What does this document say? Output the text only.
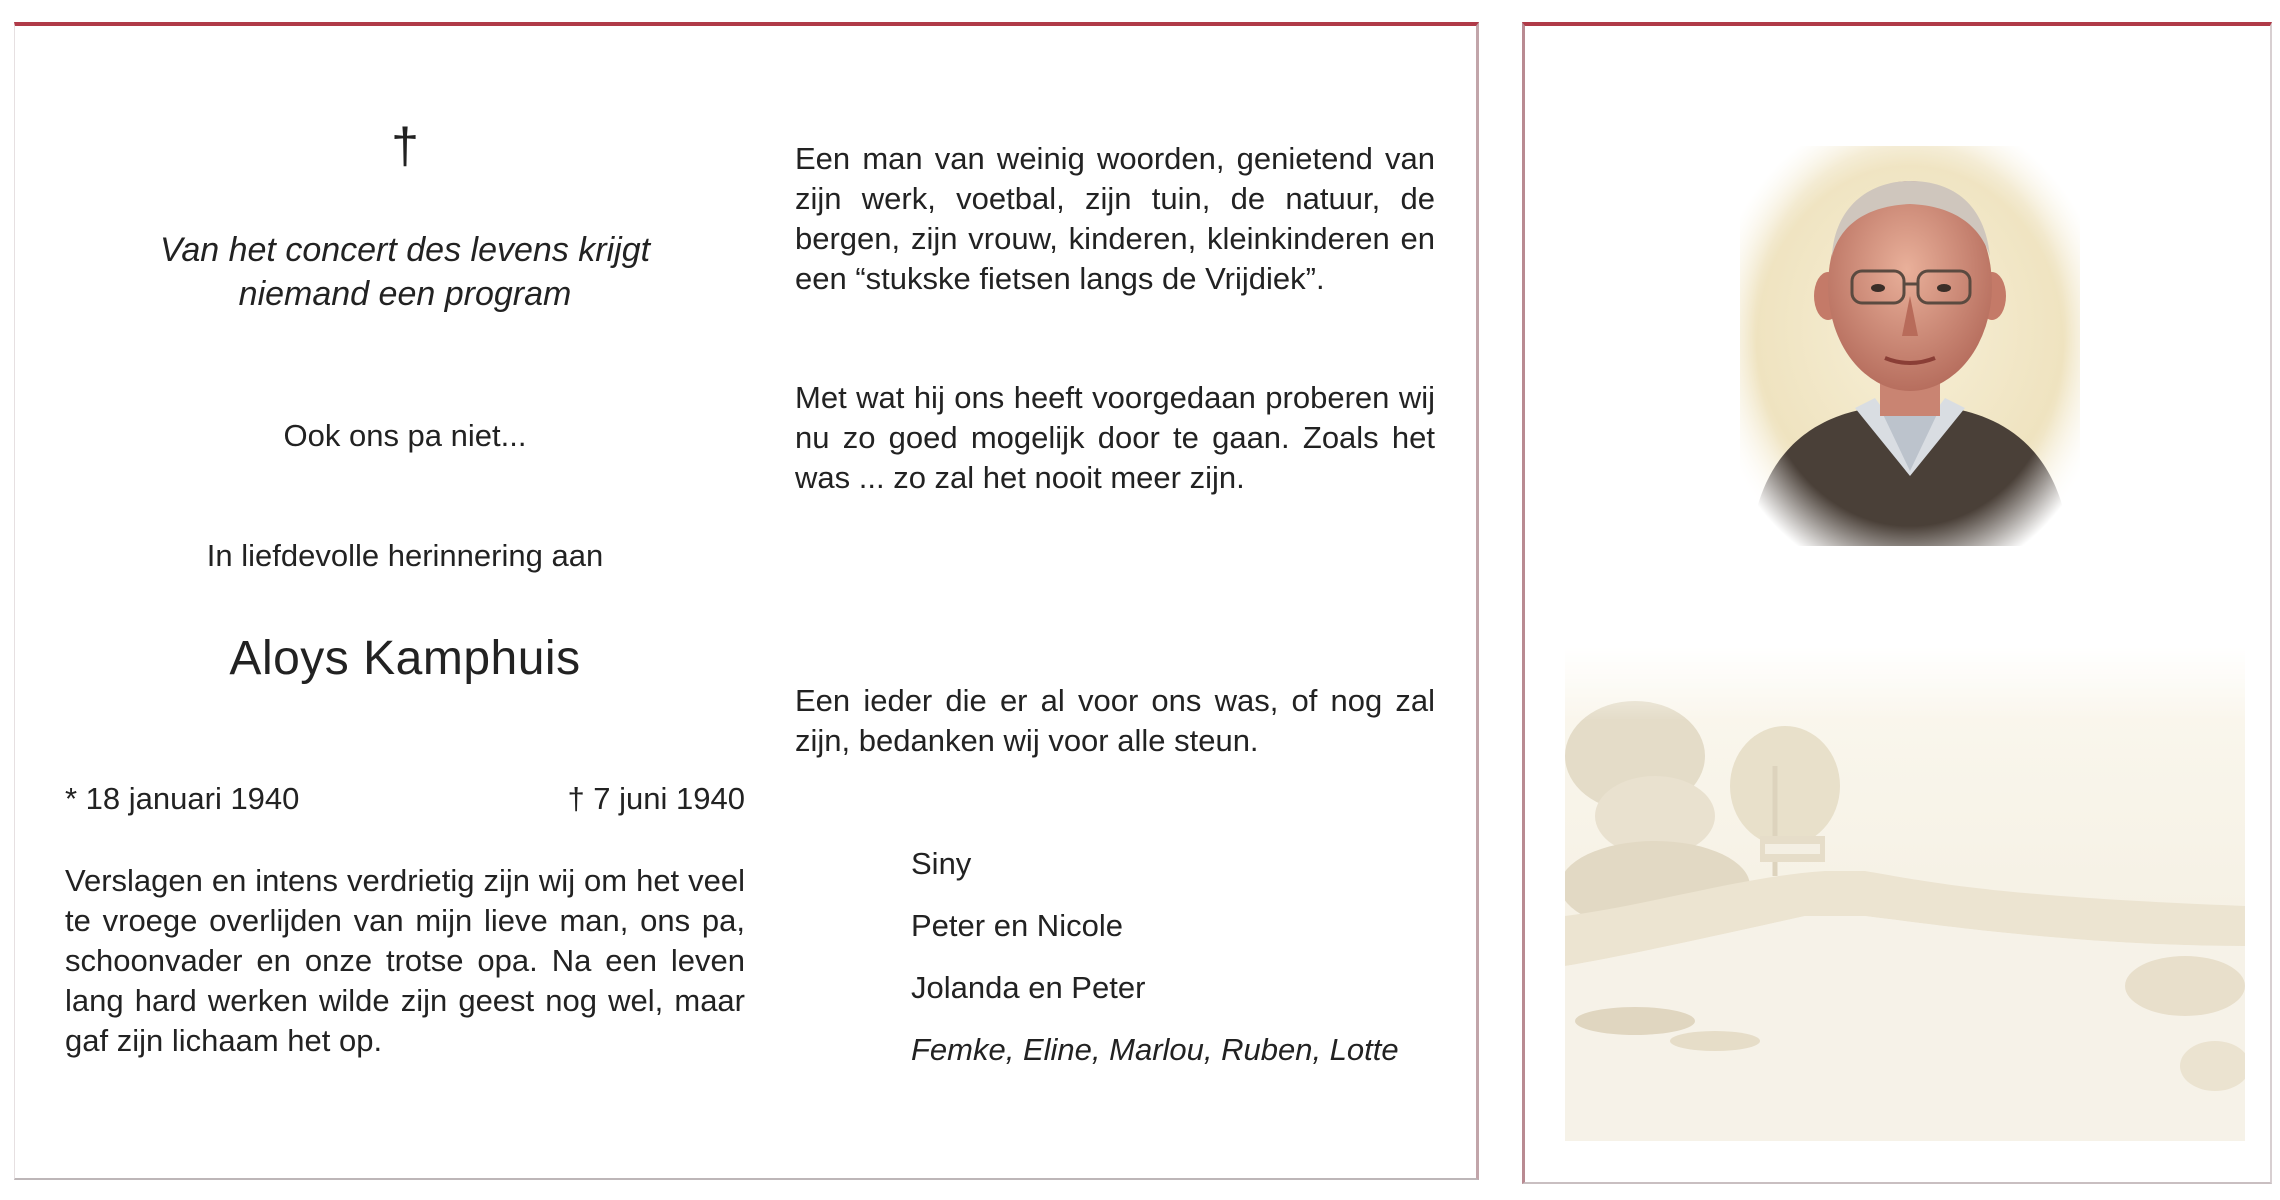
†
Van het concert des levens krijgt
niemand een program
Ook ons pa niet...
In liefdevolle herinnering aan
Aloys Kamphuis
* 18 januari 1940	† 7 juni 1940
Verslagen en intens verdrietig zijn wij om het veel te vroege overlijden van mijn lieve man, ons pa, schoonvader en onze trotse opa. Na een leven lang hard werken wilde zijn geest nog wel, maar gaf zijn lichaam het op.
Een man van weinig woorden, genietend van zijn werk, voetbal, zijn tuin, de natuur, de bergen, zijn vrouw, kinderen, kleinkinderen en een “stukske fietsen langs de Vrijdiek”.
Met wat hij ons heeft voorgedaan proberen wij nu zo goed mogelijk door te gaan. Zoals het was ... zo zal het nooit meer zijn.
Een ieder die er al voor ons was, of nog zal zijn, bedanken wij voor alle steun.
Siny
Peter en Nicole
Jolanda en Peter
Femke, Eline, Marlou, Ruben, Lotte
